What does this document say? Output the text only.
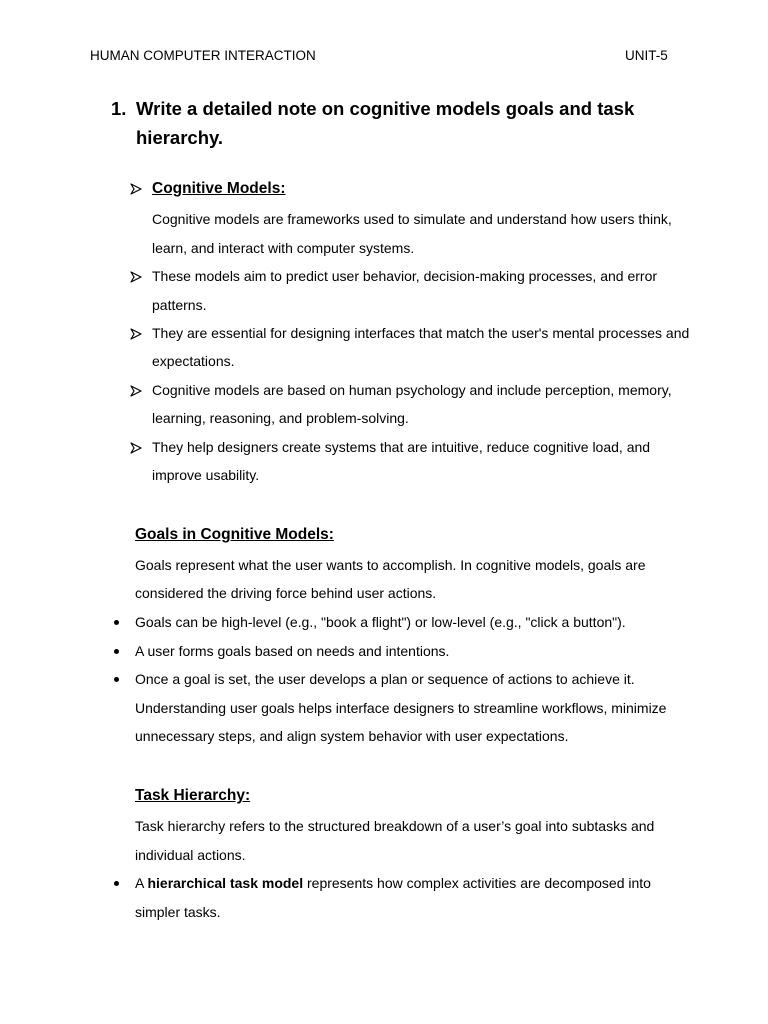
HUMAN COMPUTER INTERACTION	UNIT-5
1. Write a detailed note on cognitive models goals and task hierarchy.
Cognitive Models:
Cognitive models are frameworks used to simulate and understand how users think,
learn, and interact with computer systems.
These models aim to predict user behavior, decision-making processes, and error
patterns.
They are essential for designing interfaces that match the user's mental processes and
expectations.
Cognitive models are based on human psychology and include perception, memory,
learning, reasoning, and problem-solving.
They help designers create systems that are intuitive, reduce cognitive load, and
improve usability.
Goals in Cognitive Models:
Goals represent what the user wants to accomplish. In cognitive models, goals are
considered the driving force behind user actions.
Goals can be high-level (e.g., "book a flight") or low-level (e.g., "click a button").
A user forms goals based on needs and intentions.
Once a goal is set, the user develops a plan or sequence of actions to achieve it.
Understanding user goals helps interface designers to streamline workflows, minimize
unnecessary steps, and align system behavior with user expectations.
Task Hierarchy:
Task hierarchy refers to the structured breakdown of a user’s goal into subtasks and
individual actions.
A hierarchical task model represents how complex activities are decomposed into
simpler tasks.
